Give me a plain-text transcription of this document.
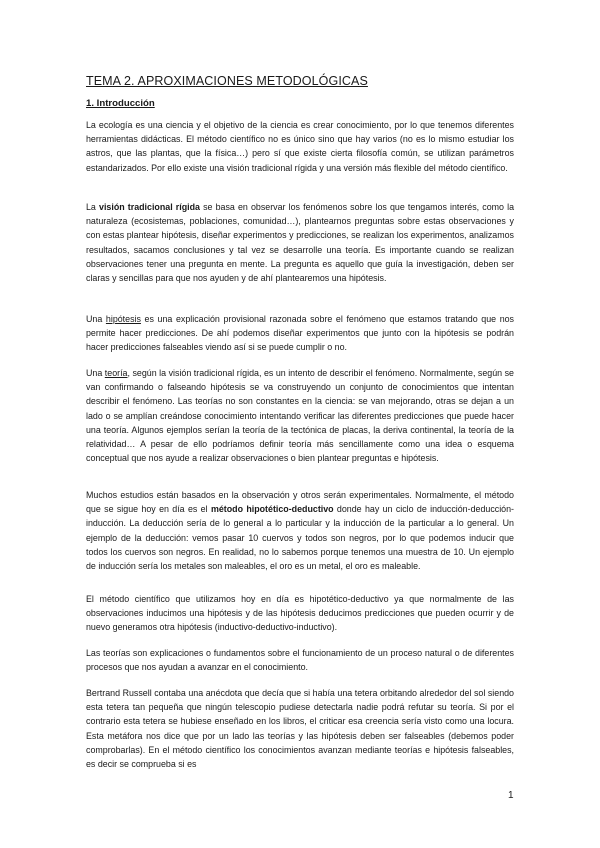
TEMA 2. APROXIMACIONES METODOLÓGICAS
1. Introducción

La ecología es una ciencia y el objetivo de la ciencia es crear conocimiento, por lo que tenemos diferentes herramientas didácticas. El método científico no es único sino que hay varios (no es lo mismo estudiar los astros, que las plantas, que la física…) pero sí que existe cierta filosofía común, se utilizan parámetros estandarizados. Por ello existe una visión tradicional rígida y una versión más flexible del método científico.

La visión tradicional rígida se basa en observar los fenómenos sobre los que tengamos interés, como la naturaleza (ecosistemas, poblaciones, comunidad…), plantearnos preguntas sobre estas observaciones y con estas plantear hipótesis, diseñar experimentos y predicciones, se realizan los experimentos, analizamos resultados, sacamos conclusiones y tal vez se desarrolle una teoría. Es importante cuando se realizan observaciones tener una pregunta en mente. La pregunta es aquello que guía la investigación, deben ser claras y sencillas para que nos ayuden y de ahí plantearemos una hipótesis.

Una hipótesis es una explicación provisional razonada sobre el fenómeno que estamos tratando que nos permite hacer predicciones. De ahí podemos diseñar experimentos que junto con la hipótesis se podrán hacer predicciones falseables viendo así si se puede cumplir o no.

Una teoría, según la visión tradicional rígida, es un intento de describir el fenómeno. Normalmente, según se van confirmando o falseando hipótesis se va construyendo un conjunto de conocimientos que intentan describir el fenómeno. Las teorías no son constantes en la ciencia: se van mejorando, otras se dejan a un lado o se amplían creándose conocimiento intentando verificar las diferentes predicciones que puede hacer una teoría. Algunos ejemplos serían la teoría de la tectónica de placas, la deriva continental, la teoría de la relatividad… A pesar de ello podríamos definir teoría más sencillamente como una idea o esquema conceptual que nos ayude a realizar observaciones o bien plantear preguntas e hipótesis.

Muchos estudios están basados en la observación y otros serán experimentales. Normalmente, el método que se sigue hoy en día es el método hipotético-deductivo donde hay un ciclo de inducción-deducción-inducción. La deducción sería de lo general a lo particular y la inducción de la particular a lo general. Un ejemplo de la deducción: vemos pasar 10 cuervos y todos son negros, por lo que podemos inducir que todos los cuervos son negros. En realidad, no lo sabemos porque tenemos una muestra de 10. Un ejemplo de inducción sería los metales son maleables, el oro es un metal, el oro es maleable.

El método científico que utilizamos hoy en día es hipotético-deductivo ya que normalmente de las observaciones inducimos una hipótesis y de las hipótesis deducimos predicciones que pueden ocurrir y de nuevo generamos otra hipótesis (inductivo-deductivo-inductivo).

Las teorías son explicaciones o fundamentos sobre el funcionamiento de un proceso natural o de diferentes procesos que nos ayudan a avanzar en el conocimiento.

Bertrand Russell contaba una anécdota que decía que si había una tetera orbitando alrededor del sol siendo esta tetera tan pequeña que ningún telescopio pudiese detectarla nadie podrá refutar su teoría. Si por el contrario esta tetera se hubiese enseñado en los libros, el criticar esa creencia sería visto como una locura. Esta metáfora nos dice que por un lado las teorías y las hipótesis deben ser falseables (debemos poder comprobarlas). En el método científico los conocimientos avanzan mediante teorías e hipótesis falseables, es decir se comprueba si es

1
